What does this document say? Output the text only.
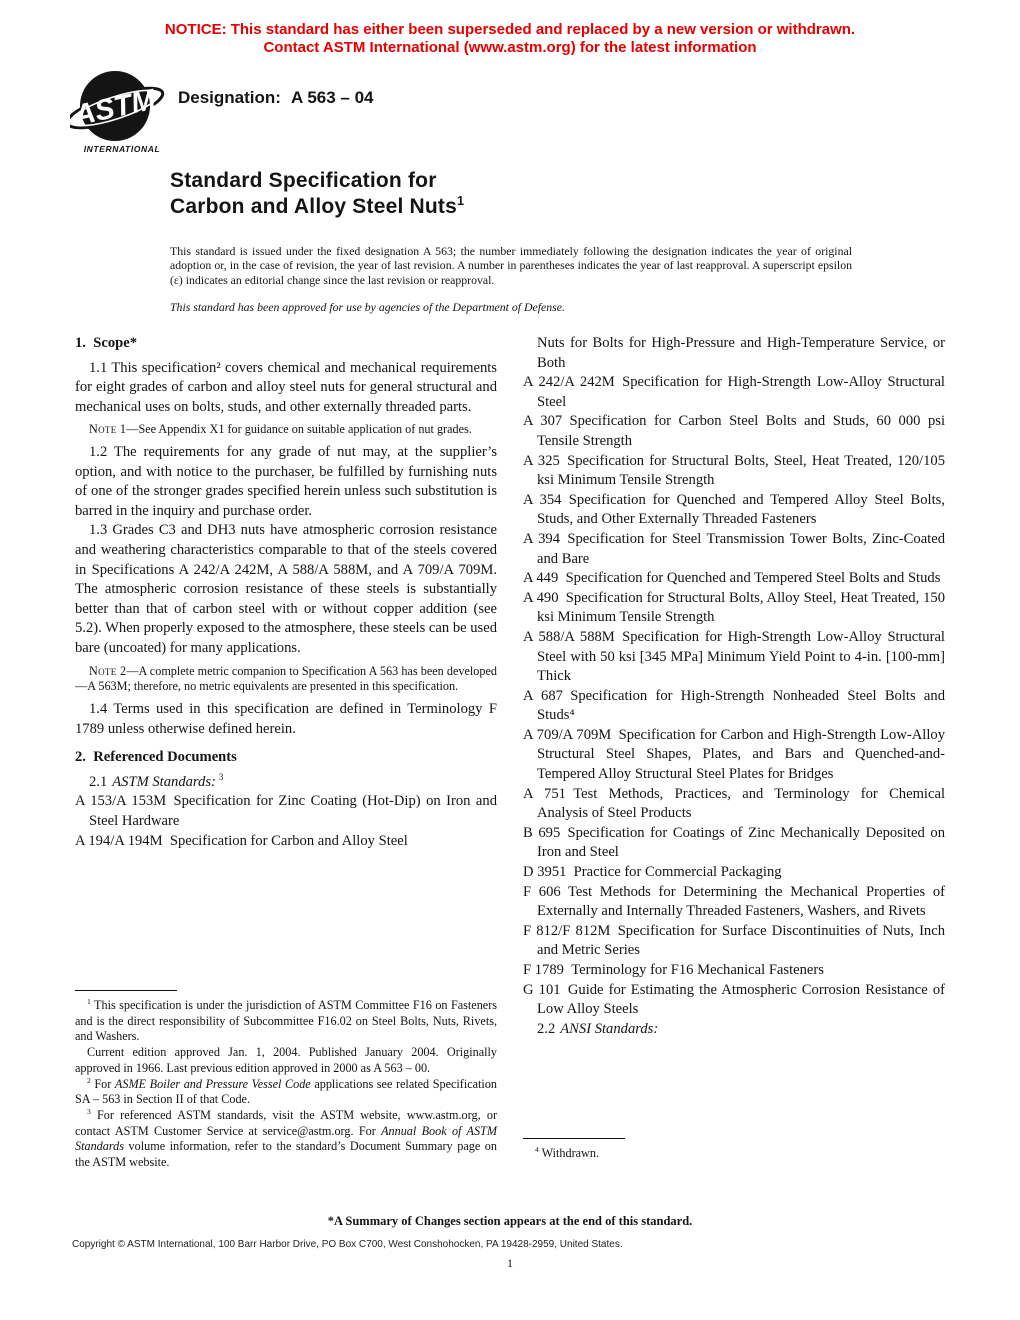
NOTICE: This standard has either been superseded and replaced by a new version or withdrawn.
Contact ASTM International (www.astm.org) for the latest information
ASTM
INTERNATIONAL
Designation: A 563 – 04
Standard Specification for
Carbon and Alloy Steel Nuts$^1$
This standard is issued under the fixed designation A 563; the number immediately following the designation indicates the year of original adoption or, in the case of revision, the year of last revision. A number in parentheses indicates the year of last reapproval. A superscript epsilon (ε) indicates an editorial change since the last revision or reapproval.
This standard has been approved for use by agencies of the Department of Defense.
1. Scope*

1.1 This specification² covers chemical and mechanical requirements for eight grades of carbon and alloy steel nuts for general structural and mechanical uses on bolts, studs, and other externally threaded parts.

Note 1—See Appendix X1 for guidance on suitable application of nut grades.

1.2 The requirements for any grade of nut may, at the supplier’s option, and with notice to the purchaser, be fulfilled by furnishing nuts of one of the stronger grades specified herein unless such substitution is barred in the inquiry and purchase order.

1.3 Grades C3 and DH3 nuts have atmospheric corrosion resistance and weathering characteristics comparable to that of the steels covered in Specifications A 242/A 242M, A 588/A 588M, and A 709/A 709M. The atmospheric corrosion resistance of these steels is substantially better than that of carbon steel with or without copper addition (see 5.2). When properly exposed to the atmosphere, these steels can be used bare (uncoated) for many applications.

Note 2—A complete metric companion to Specification A 563 has been developed—A 563M; therefore, no metric equivalents are presented in this specification.

1.4 Terms used in this specification are defined in Terminology F 1789 unless otherwise defined herein.

2. Referenced Documents

2.1 ASTM Standards: $^3$

A 153/A 153M Specification for Zinc Coating (Hot-Dip) on Iron and Steel Hardware

A 194/A 194M Specification for Carbon and Alloy Steel

Nuts for Bolts for High-Pressure and High-Temperature Service, or Both

A 242/A 242M Specification for High-Strength Low-Alloy Structural Steel

A 307 Specification for Carbon Steel Bolts and Studs, 60 000 psi Tensile Strength

A 325 Specification for Structural Bolts, Steel, Heat Treated, 120/105 ksi Minimum Tensile Strength

A 354 Specification for Quenched and Tempered Alloy Steel Bolts, Studs, and Other Externally Threaded Fasteners

A 394 Specification for Steel Transmission Tower Bolts, Zinc-Coated and Bare

A 449 Specification for Quenched and Tempered Steel Bolts and Studs

A 490 Specification for Structural Bolts, Alloy Steel, Heat Treated, 150 ksi Minimum Tensile Strength

A 588/A 588M Specification for High-Strength Low-Alloy Structural Steel with 50 ksi [345 MPa] Minimum Yield Point to 4-in. [100-mm] Thick

A 687 Specification for High-Strength Nonheaded Steel Bolts and Studs⁴

A 709/A 709M Specification for Carbon and High-Strength Low-Alloy Structural Steel Shapes, Plates, and Bars and Quenched-and-Tempered Alloy Structural Steel Plates for Bridges

A 751 Test Methods, Practices, and Terminology for Chemical Analysis of Steel Products

B 695 Specification for Coatings of Zinc Mechanically Deposited on Iron and Steel

D 3951 Practice for Commercial Packaging

F 606 Test Methods for Determining the Mechanical Properties of Externally and Internally Threaded Fasteners, Washers, and Rivets

F 812/F 812M Specification for Surface Discontinuities of Nuts, Inch and Metric Series

F 1789 Terminology for F16 Mechanical Fasteners

G 101 Guide for Estimating the Atmospheric Corrosion Resistance of Low Alloy Steels

2.2 ANSI Standards:

$^1$ This specification is under the jurisdiction of ASTM Committee F16 on Fasteners and is the direct responsibility of Subcommittee F16.02 on Steel Bolts, Nuts, Rivets, and Washers.

Current edition approved Jan. 1, 2004. Published January 2004. Originally approved in 1966. Last previous edition approved in 2000 as A 563 – 00.

$^2$ For ASME Boiler and Pressure Vessel Code applications see related Specification SA – 563 in Section II of that Code.

$^3$ For referenced ASTM standards, visit the ASTM website, www.astm.org, or contact ASTM Customer Service at service@astm.org. For Annual Book of ASTM Standards volume information, refer to the standard’s Document Summary page on the ASTM website.

$^4$ Withdrawn.

*A Summary of Changes section appears at the end of this standard.
Copyright © ASTM International, 100 Barr Harbor Drive, PO Box C700, West Conshohocken, PA 19428-2959, United States.
1
